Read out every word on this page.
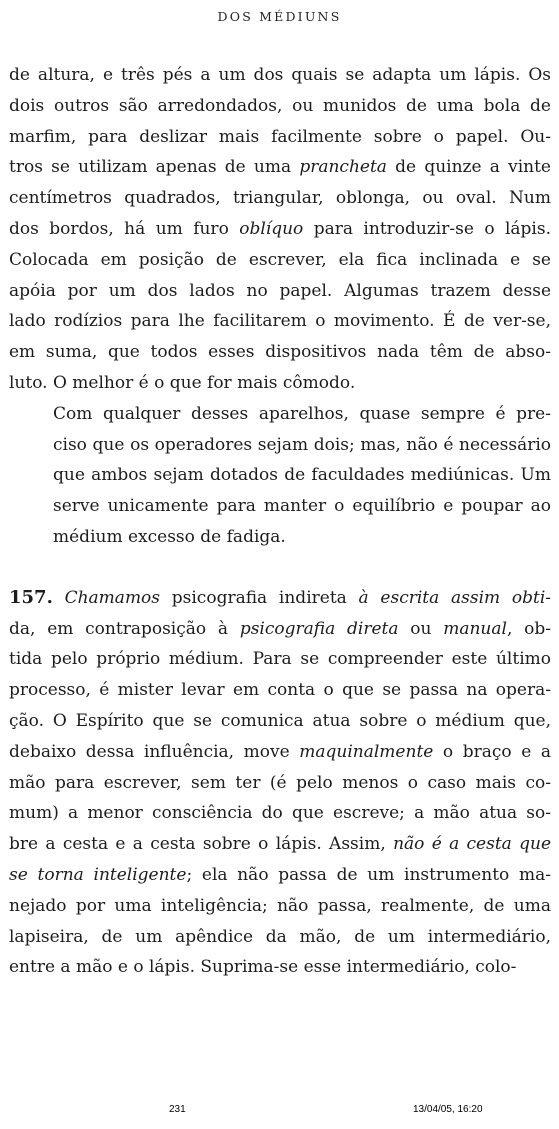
DOS MÉDIUNS
de altura, e três pés a um dos quais se adapta um lápis. Os
dois outros são arredondados, ou munidos de uma bola de
marfim, para deslizar mais facilmente sobre o papel. Ou-
tros se utilizam apenas de uma prancheta de quinze a vinte
centímetros quadrados, triangular, oblonga, ou oval. Num
dos bordos, há um furo oblíquo para introduzir-se o lápis.
Colocada em posição de escrever, ela fica inclinada e se
apóia por um dos lados no papel. Algumas trazem desse
lado rodízios para lhe facilitarem o movimento. É de ver-se,
em suma, que todos esses dispositivos nada têm de abso-
luto. O melhor é o que for mais cômodo.
Com qualquer desses aparelhos, quase sempre é pre-
ciso que os operadores sejam dois; mas, não é necessário
que ambos sejam dotados de faculdades mediúnicas. Um
serve unicamente para manter o equilíbrio e poupar ao
médium excesso de fadiga.
157. Chamamos psicografia indireta à escrita assim obti-
da, em contraposição à psicografia direta ou manual, ob-
tida pelo próprio médium. Para se compreender este último
processo, é mister levar em conta o que se passa na opera-
ção. O Espírito que se comunica atua sobre o médium que,
debaixo dessa influência, move maquinalmente o braço e a
mão para escrever, sem ter (é pelo menos o caso mais co-
mum) a menor consciência do que escreve; a mão atua so-
bre a cesta e a cesta sobre o lápis. Assim, não é a cesta que
se torna inteligente; ela não passa de um instrumento ma-
nejado por uma inteligência; não passa, realmente, de uma
lapiseira, de um apêndice da mão, de um intermediário,
entre a mão e o lápis. Suprima-se esse intermediário, colo-
231	13/04/05, 16:20
